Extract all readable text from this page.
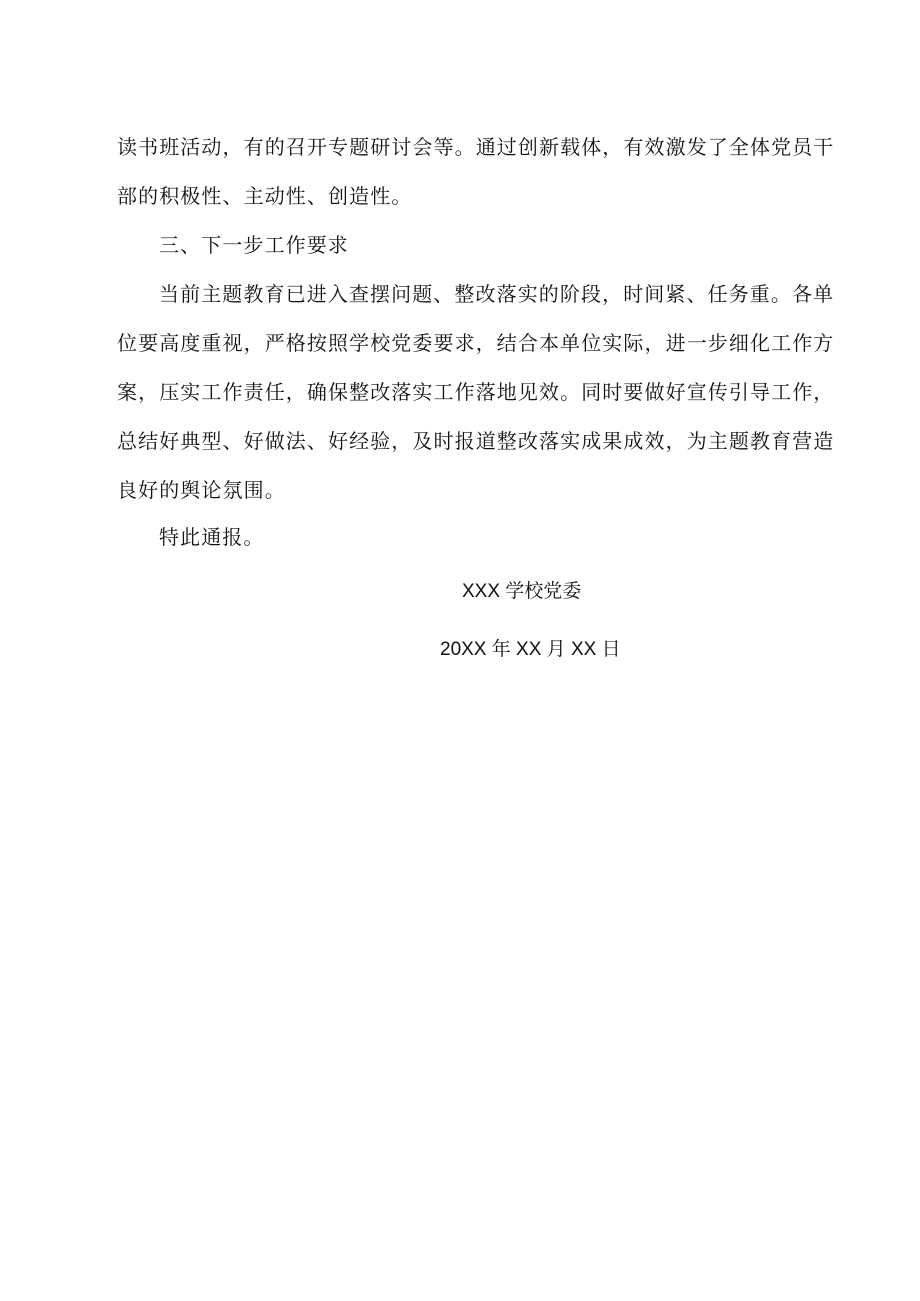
读书班活动，有的召开专题研讨会等。通过创新载体，有效激发了全体党员干
部的积极性、主动性、创造性。
三、下一步工作要求
当前主题教育已进入查摆问题、整改落实的阶段，时间紧、任务重。各单
位要高度重视，严格按照学校党委要求，结合本单位实际，进一步细化工作方
案，压实工作责任，确保整改落实工作落地见效。同时要做好宣传引导工作，
总结好典型、好做法、好经验，及时报道整改落实成果成效，为主题教育营造
良好的舆论氛围。
特此通报。
XXX 学校党委
20XX 年 XX 月 XX 日
